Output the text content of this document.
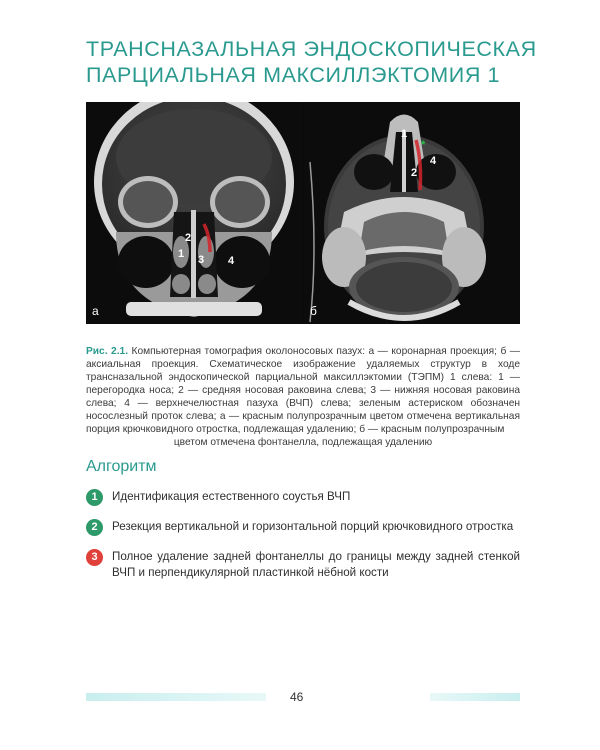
ТРАНСНАЗАЛЬНАЯ ЭНДОСКОПИЧЕСКАЯ
ПАРЦИАЛЬНАЯ МАКСИЛЛЭКТОМИЯ 1
2
1 3 4
а
*
1
2
4
б

Рис. 2.1. Компьютерная томография околоносовых пазух: а — коронарная проекция; б — аксиальная проекция. Схематическое изображение удаляемых структур в ходе трансназальной эндоскопической парциальной максиллэктомии (ТЭПМ) 1 слева: 1 — перегородка носа; 2 — средняя носовая раковина слева; 3 — нижняя носовая раковина слева; 4 — верхнечелюстная пазуха (ВЧП) слева; зеленым астериском обозначен носослезный проток слева; а — красным полупрозрачным цветом отмечена вертикальная порция крючковидного отростка, подлежащая удалению; б — красным полупрозрачным
цветом отмечена фонтанелла, подлежащая удалению

Алгоритм
1	Идентификация естественного соустья ВЧП
2	Резекция вертикальной и горизонтальной порций крючковидного отростка
3	Полное удаление задней фонтанеллы до границы между задней стенкой ВЧП и перпендикулярной пластинкой нёбной кости
46
